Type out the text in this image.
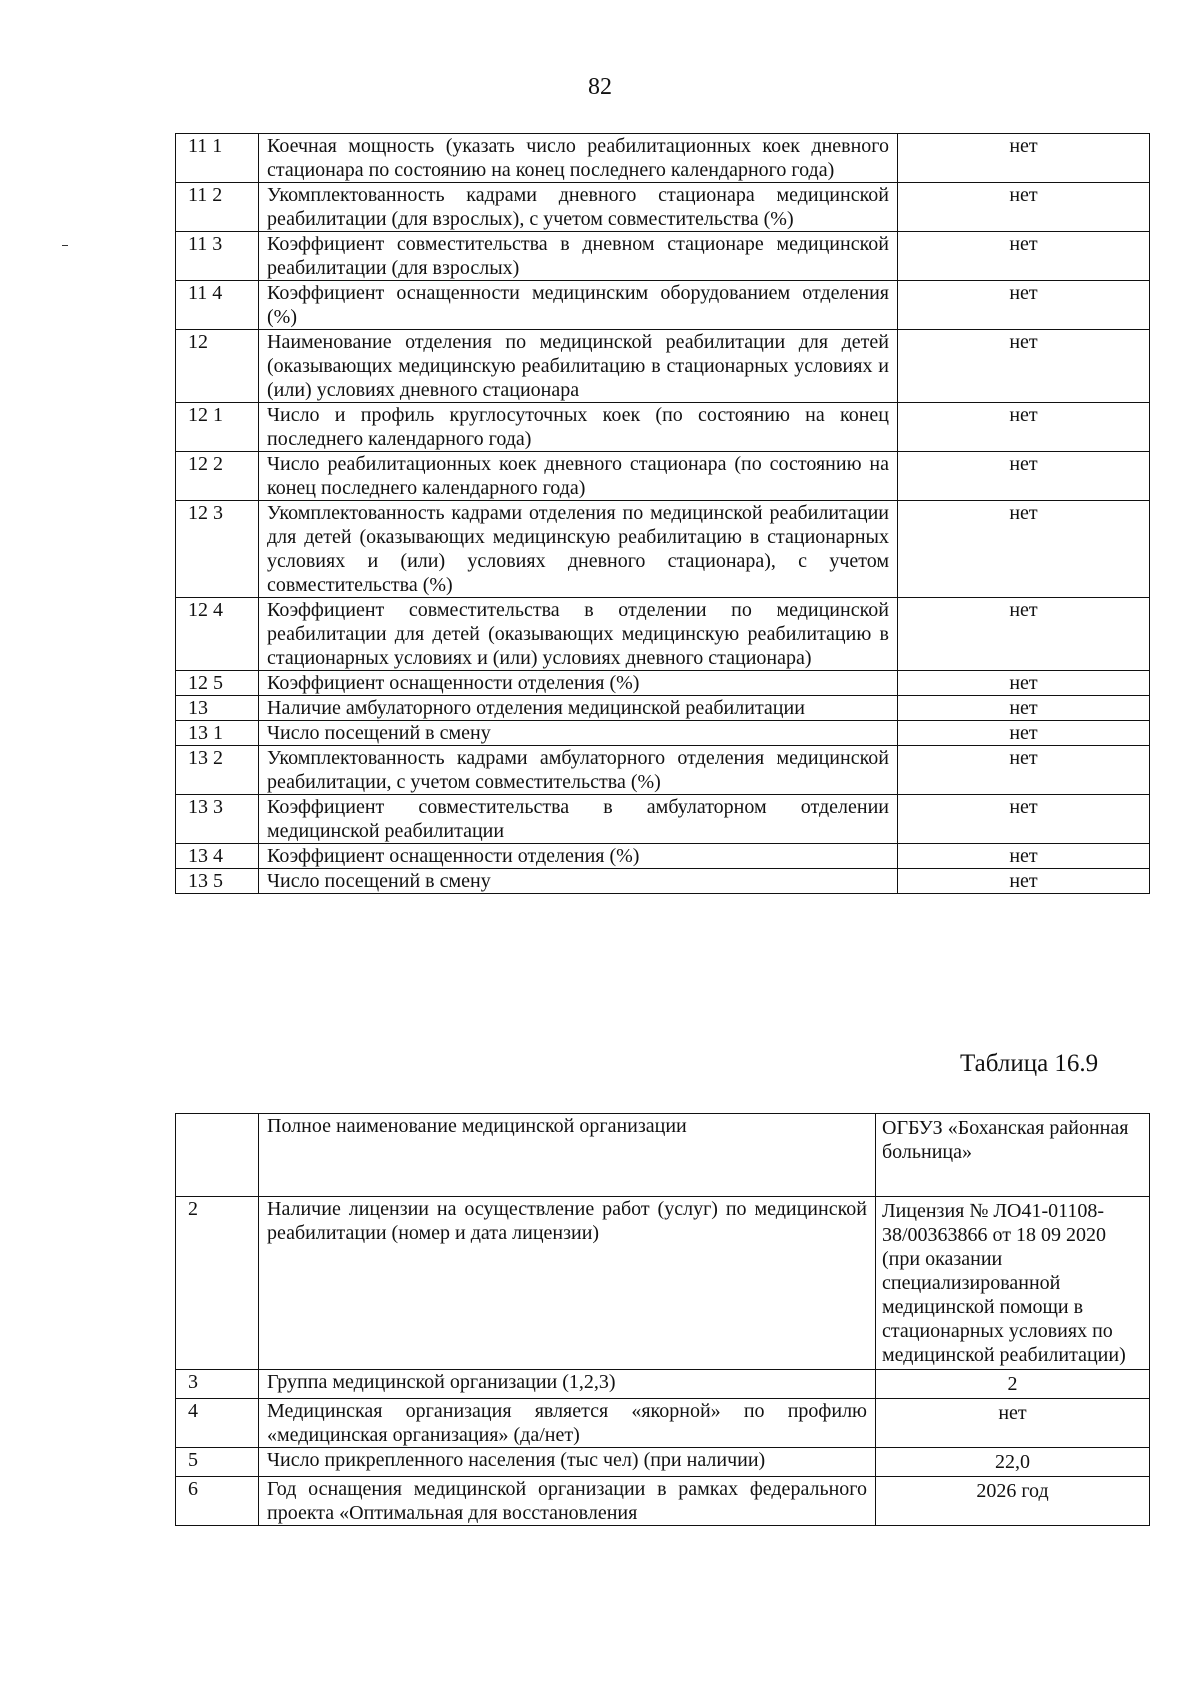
82
11 1	Коечная мощность (указать число реабилитационных коек дневного стационара по состоянию на конец последнего календарного года)	нет
11 2	Укомплектованность кадрами дневного стационара медицинской реабилитации (для взрослых), с учетом совместительства (%)	нет
11 3	Коэффициент совместительства в дневном стационаре медицинской реабилитации (для взрослых)	нет
11 4	Коэффициент оснащенности медицинским оборудованием отделения (%)	нет
12	Наименование отделения по медицинской реабилитации для детей (оказывающих медицинскую реабилитацию в стационарных условиях и (или) условиях дневного стационара	нет
12 1	Число и профиль круглосуточных коек (по состоянию на конец последнего календарного года)	нет
12 2	Число реабилитационных коек дневного стационара (по состоянию на конец последнего календарного года)	нет
12 3	Укомплектованность кадрами отделения по медицинской реабилитации для детей (оказывающих медицинскую реабилитацию в стационарных условиях и (или) условиях дневного стационара), с учетом совместительства (%)	нет
12 4	Коэффициент совместительства в отделении по медицинской реабилитации для детей (оказывающих медицинскую реабилитацию в стационарных условиях и (или) условиях дневного стационара)	нет
12 5	Коэффициент оснащенности отделения (%)	нет
13	Наличие амбулаторного отделения медицинской реабилитации	нет
13 1	Число посещений в смену	нет
13 2	Укомплектованность кадрами амбулаторного отделения медицинской реабилитации, с учетом совместительства (%)	нет
13 3	Коэффициент совместительства в амбулаторном отделении медицинской реабилитации	нет
13 4	Коэффициент оснащенности отделения (%)	нет
13 5	Число посещений в смену	нет
Таблица 16.9
	Полное наименование медицинской организации	ОГБУЗ «Боханская районная больница»
2	Наличие лицензии на осуществление работ (услуг) по медицинской реабилитации (номер и дата лицензии)	Лицензия № ЛО41-01108-38/00363866 от 18 09 2020 (при оказании специализированной медицинской помощи в стационарных условиях по медицинской реабилитации)
3	Группа медицинской организации (1,2,3)	2
4	Медицинская организация является «якорной» по профилю «медицинская организация» (да/нет)	нет
5	Число прикрепленного населения (тыс чел) (при наличии)	22,0
6	Год оснащения медицинской организации в рамках федерального проекта «Оптимальная для восстановления	2026 год
